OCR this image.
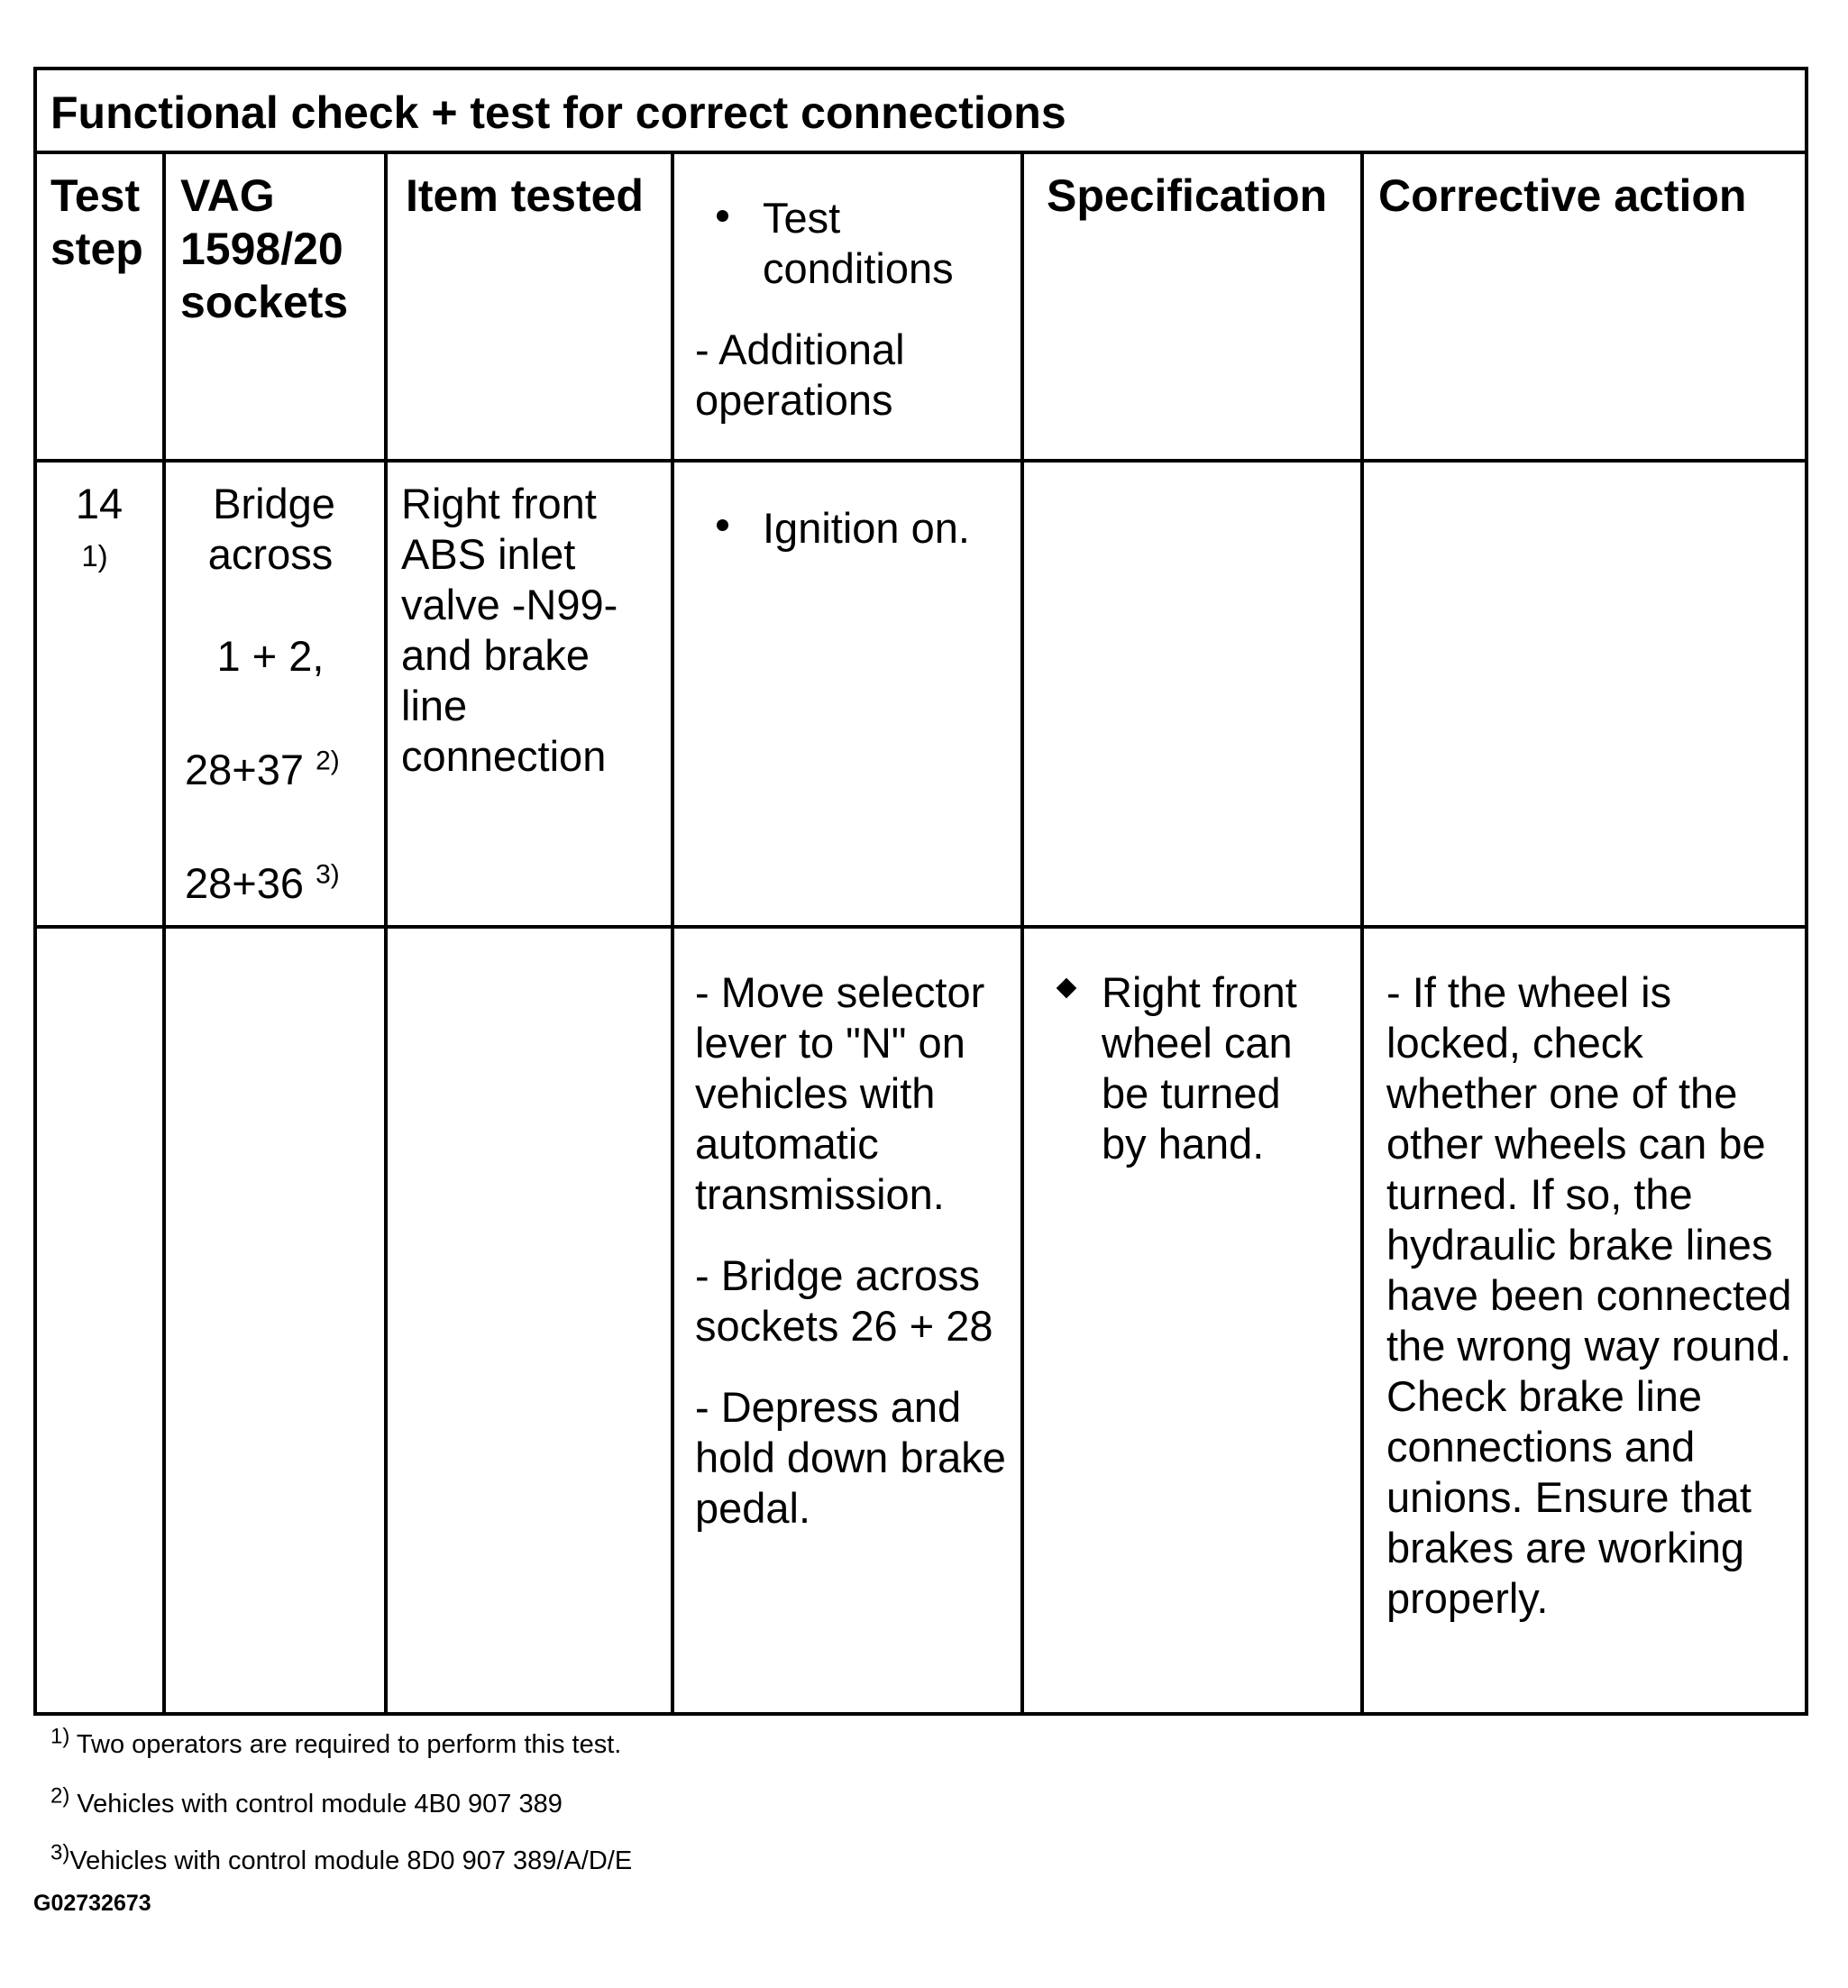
Functional check + test for correct connections
Test step
VAG 1598/20 sockets
Item tested	Test conditions
- Additional operations
Specification	Corrective action
14
1)
Bridge
across
1 + 2,
28+37 $^{2)}$
28+36 $^{3)}$
Right front ABS inlet valve -N99- and brake line connection
Ignition on.

- Move selector lever to "N" on vehicles with automatic transmission.

- Bridge across sockets 26 + 28

- Depress and hold down brake pedal.

Right front wheel can be turned by hand.
- If the wheel is locked, check whether one of the other wheels can be turned. If so, the hydraulic brake lines have been connected the wrong way round. Check brake line connections and unions. Ensure that brakes are working properly.
$^{1)}$ Two operators are required to perform this test.
$^{2)}$ Vehicles with control module 4B0 907 389
$^{3)}$Vehicles with control module 8D0 907 389/A/D/E
G02732673
